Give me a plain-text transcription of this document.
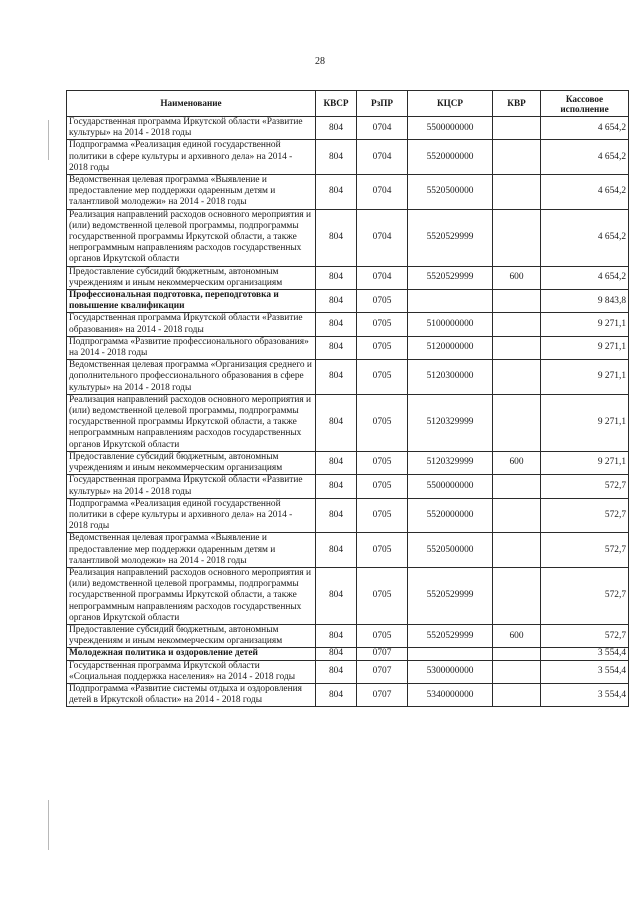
28
Наименование	КВСР	РзПР	КЦСР	КВР	Кассовое исполнение
Государственная программа Иркутской области «Развитие культуры» на 2014 - 2018 годы	804	0704	5500000000		4 654,2
Подпрограмма «Реализация единой государственной политики в сфере культуры и архивного дела» на 2014 - 2018 годы	804	0704	5520000000		4 654,2
Ведомственная целевая программа «Выявление и предоставление мер поддержки одаренным детям и талантливой молодежи» на 2014 - 2018 годы	804	0704	5520500000		4 654,2
Реализация направлений расходов основного мероприятия и (или) ведомственной целевой программы, подпрограммы государственной программы Иркутской области, а также непрограммным направлениям расходов государственных органов Иркутской области	804	0704	5520529999		4 654,2
Предоставление субсидий бюджетным, автономным учреждениям и иным некоммерческим организациям	804	0704	5520529999	600	4 654,2
Профессиональная подготовка, переподготовка и повышение квалификации	804	0705			9 843,8
Государственная программа Иркутской области «Развитие образования» на 2014 - 2018 годы	804	0705	5100000000		9 271,1
Подпрограмма «Развитие профессионального образования» на 2014 - 2018 годы	804	0705	5120000000		9 271,1
Ведомственная целевая программа «Организация среднего и дополнительного профессионального образования в сфере культуры» на 2014 - 2018 годы	804	0705	5120300000		9 271,1
Реализация направлений расходов основного мероприятия и (или) ведомственной целевой программы, подпрограммы государственной программы Иркутской области, а также непрограммным направлениям расходов государственных органов Иркутской области	804	0705	5120329999		9 271,1
Предоставление субсидий бюджетным, автономным учреждениям и иным некоммерческим организациям	804	0705	5120329999	600	9 271,1
Государственная программа Иркутской области «Развитие культуры» на 2014 - 2018 годы	804	0705	5500000000		572,7
Подпрограмма «Реализация единой государственной политики в сфере культуры и архивного дела» на 2014 - 2018 годы	804	0705	5520000000		572,7
Ведомственная целевая программа «Выявление и предоставление мер поддержки одаренным детям и талантливой молодежи» на 2014 - 2018 годы	804	0705	5520500000		572,7
Реализация направлений расходов основного мероприятия и (или) ведомственной целевой программы, подпрограммы государственной программы Иркутской области, а также непрограммным направлениям расходов государственных органов Иркутской области	804	0705	5520529999		572,7
Предоставление субсидий бюджетным, автономным учреждениям и иным некоммерческим организациям	804	0705	5520529999	600	572,7
Молодежная политика и оздоровление детей	804	0707			3 554,4
Государственная программа Иркутской области «Социальная поддержка населения» на 2014 - 2018 годы	804	0707	5300000000		3 554,4
Подпрограмма «Развитие системы отдыха и оздоровления детей в Иркутской области» на 2014 - 2018 годы	804	0707	5340000000		3 554,4
